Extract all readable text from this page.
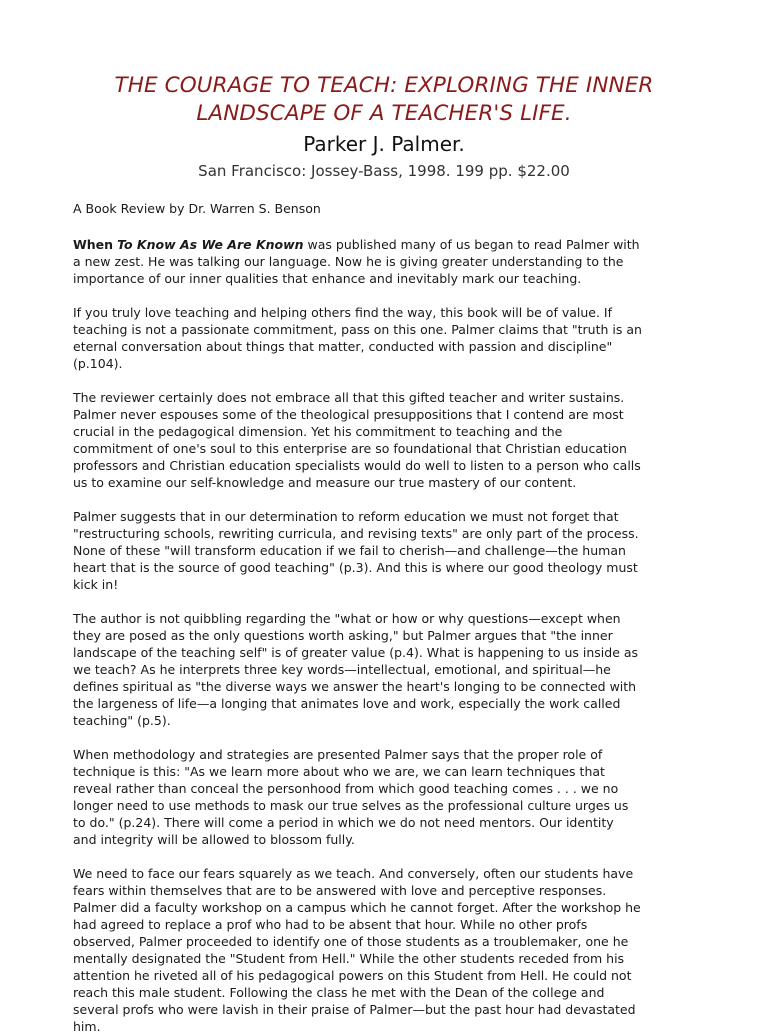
THE COURAGE TO TEACH: EXPLORING THE INNER
LANDSCAPE OF A TEACHER'S LIFE.
Parker J. Palmer.
San Francisco: Jossey-Bass, 1998. 199 pp. $22.00
A Book Review by Dr. Warren S. Benson

When To Know As We Are Known was published many of us began to read Palmer with
a new zest. He was talking our language. Now he is giving greater understanding to the
importance of our inner qualities that enhance and inevitably mark our teaching.

If you truly love teaching and helping others find the way, this book will be of value. If
teaching is not a passionate commitment, pass on this one. Palmer claims that "truth is an
eternal conversation about things that matter, conducted with passion and discipline"
(p.104).

The reviewer certainly does not embrace all that this gifted teacher and writer sustains.
Palmer never espouses some of the theological presuppositions that I contend are most
crucial in the pedagogical dimension. Yet his commitment to teaching and the
commitment of one's soul to this enterprise are so foundational that Christian education
professors and Christian education specialists would do well to listen to a person who calls
us to examine our self-knowledge and measure our true mastery of our content.

Palmer suggests that in our determination to reform education we must not forget that
"restructuring schools, rewriting curricula, and revising texts" are only part of the process.
None of these "will transform education if we fail to cherish—and challenge—the human
heart that is the source of good teaching" (p.3). And this is where our good theology must
kick in!

The author is not quibbling regarding the "what or how or why questions—except when
they are posed as the only questions worth asking," but Palmer argues that "the inner
landscape of the teaching self" is of greater value (p.4). What is happening to us inside as
we teach? As he interprets three key words—intellectual, emotional, and spiritual—he
defines spiritual as "the diverse ways we answer the heart's longing to be connected with
the largeness of life—a longing that animates love and work, especially the work called
teaching" (p.5).

When methodology and strategies are presented Palmer says that the proper role of
technique is this: "As we learn more about who we are, we can learn techniques that
reveal rather than conceal the personhood from which good teaching comes . . . we no
longer need to use methods to mask our true selves as the professional culture urges us
to do." (p.24). There will come a period in which we do not need mentors. Our identity
and integrity will be allowed to blossom fully.

We need to face our fears squarely as we teach. And conversely, often our students have
fears within themselves that are to be answered with love and perceptive responses.
Palmer did a faculty workshop on a campus which he cannot forget. After the workshop he
had agreed to replace a prof who had to be absent that hour. While no other profs
observed, Palmer proceeded to identify one of those students as a troublemaker, one he
mentally designated the "Student from Hell." While the other students receded from his
attention he riveted all of his pedagogical powers on this Student from Hell. He could not
reach this male student. Following the class he met with the Dean of the college and
several profs who were lavish in their praise of Palmer—but the past hour had devastated
him.
